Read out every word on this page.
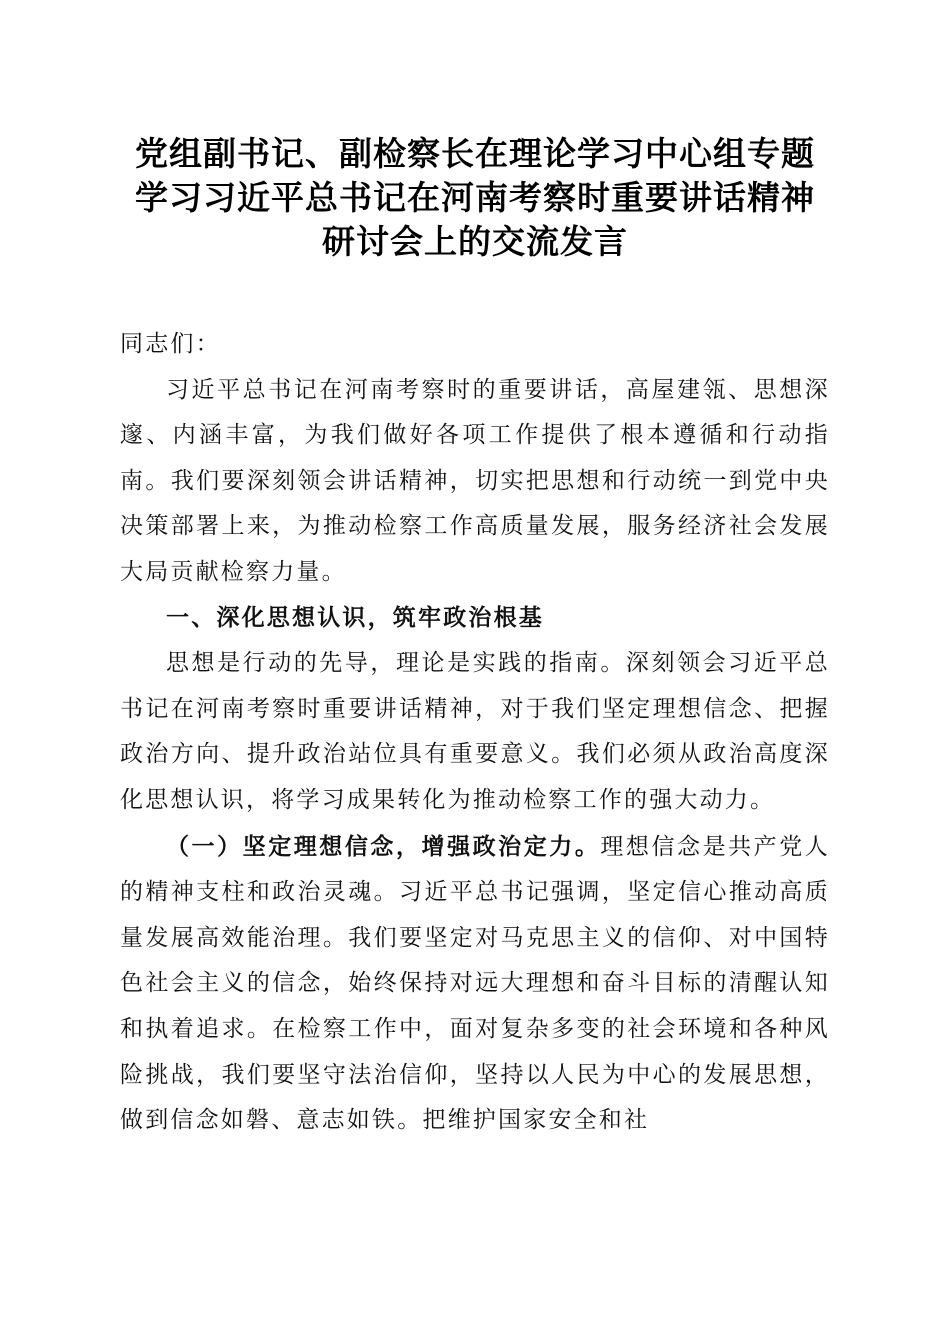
党组副书记、副检察长在理论学习中心组专题
学习习近平总书记在河南考察时重要讲话精神
研讨会上的交流发言

同志们：

习近平总书记在河南考察时的重要讲话，高屋建瓴、思想深邃、内涵丰富，为我们做好各项工作提供了根本遵循和行动指南。我们要深刻领会讲话精神，切实把思想和行动统一到党中央决策部署上来，为推动检察工作高质量发展，服务经济社会发展大局贡献检察力量。

一、深化思想认识，筑牢政治根基

思想是行动的先导，理论是实践的指南。深刻领会习近平总书记在河南考察时重要讲话精神，对于我们坚定理想信念、把握政治方向、提升政治站位具有重要意义。我们必须从政治高度深化思想认识，将学习成果转化为推动检察工作的强大动力。

（一）坚定理想信念，增强政治定力。理想信念是共产党人的精神支柱和政治灵魂。习近平总书记强调，坚定信心推动高质量发展高效能治理。我们要坚定对马克思主义的信仰、对中国特色社会主义的信念，始终保持对远大理想和奋斗目标的清醒认知和执着追求。在检察工作中，面对复杂多变的社会环境和各种风险挑战，我们要坚守法治信仰，坚持以人民为中心的发展思想，做到信念如磐、意志如铁。把维护国家安全和社
